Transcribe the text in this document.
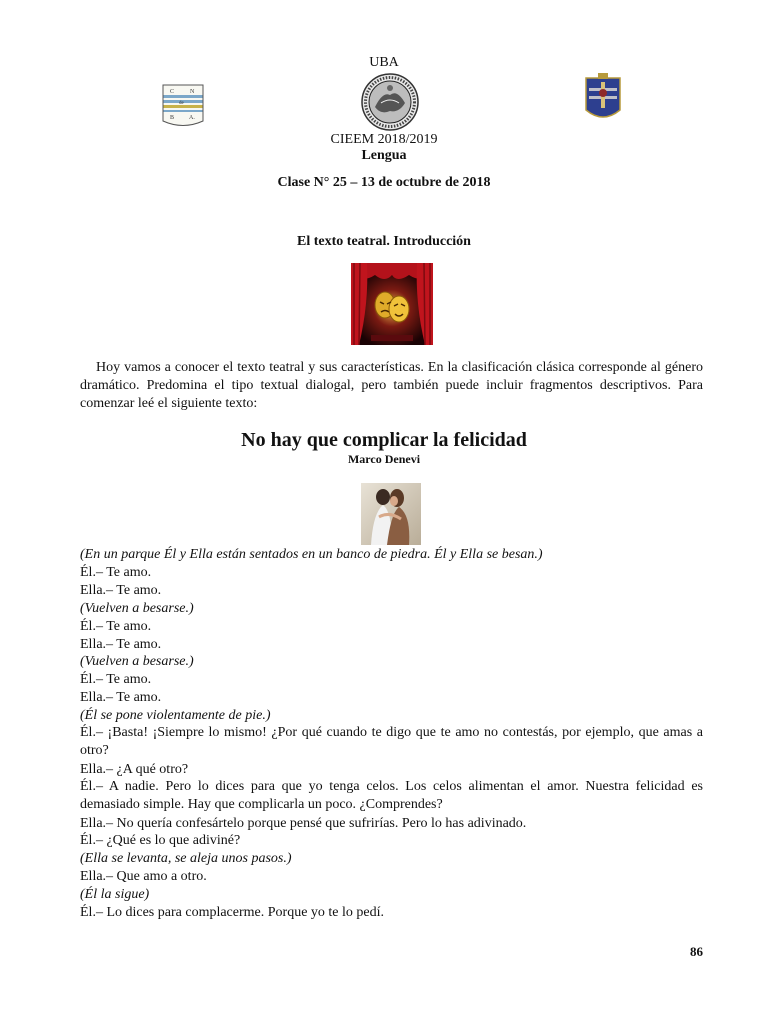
UBA
C	N
de
B A.
CIEEM 2018/2019
Lengua
Clase N° 25 – 13 de octubre de 2018
El texto teatral. Introducción
Hoy vamos a conocer el texto teatral y sus características. En la clasificación clásica corresponde al género dramático. Predomina el tipo textual dialogal, pero también puede incluir fragmentos descriptivos. Para comenzar leé el siguiente texto:
No hay que complicar la felicidad
Marco Denevi
(En un parque Él y Ella están sentados en un banco de piedra. Él y Ella se besan.)
Él.– Te amo.
Ella.– Te amo.
(Vuelven a besarse.)
Él.– Te amo.
Ella.– Te amo.
(Vuelven a besarse.)
Él.– Te amo.
Ella.– Te amo.
(Él se pone violentamente de pie.)
Él.– ¡Basta! ¡Siempre lo mismo! ¿Por qué cuando te digo que te amo no contestás, por ejemplo, que amas a otro?
Ella.– ¿A qué otro?
Él.– A nadie. Pero lo dices para que yo tenga celos. Los celos alimentan el amor. Nuestra felicidad es demasiado simple. Hay que complicarla un poco. ¿Comprendes?
Ella.– No quería confesártelo porque pensé que sufrirías. Pero lo has adivinado.
Él.– ¿Qué es lo que adiviné?
(Ella se levanta, se aleja unos pasos.)
Ella.– Que amo a otro.
(Él la sigue)
Él.– Lo dices para complacerme. Porque yo te lo pedí.
86
